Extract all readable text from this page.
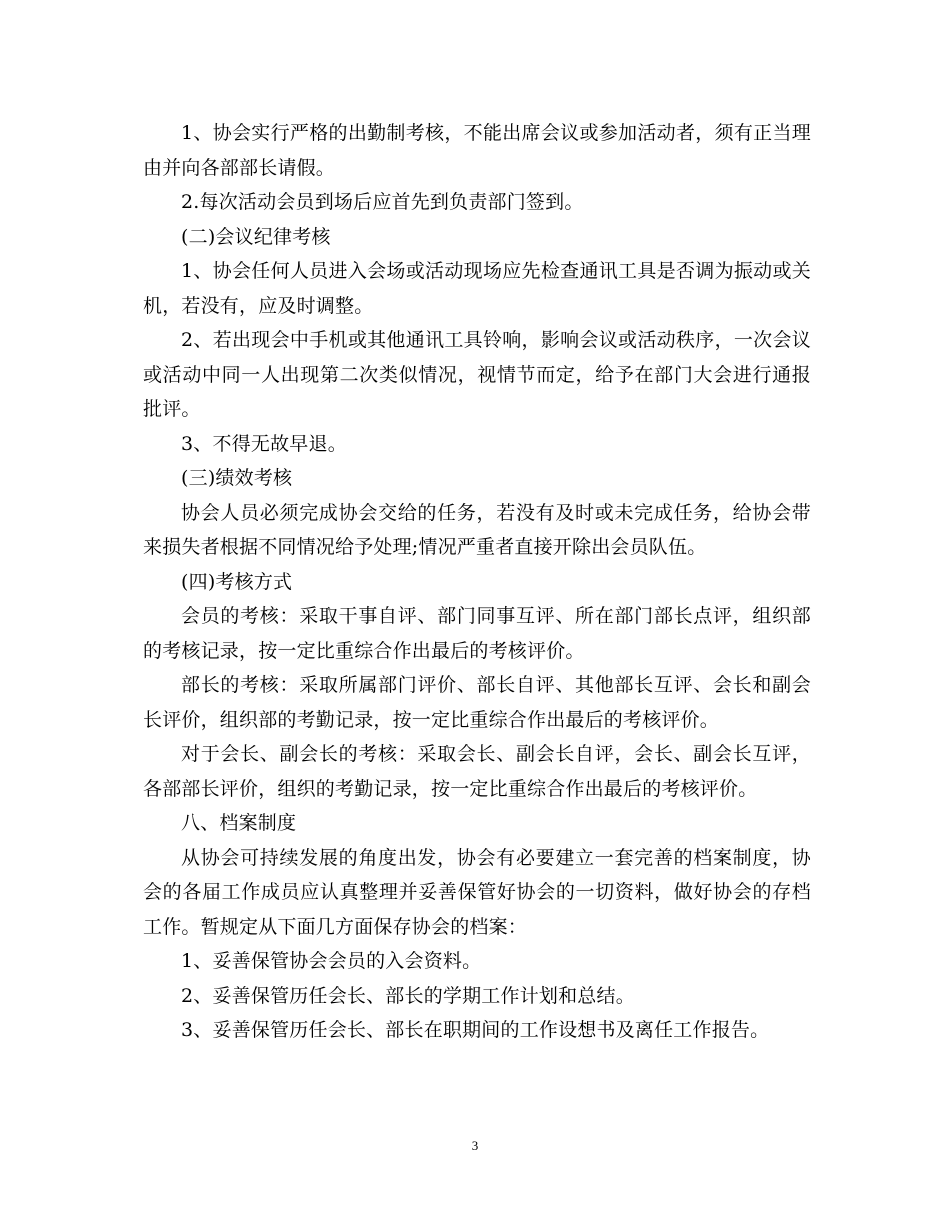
1、协会实行严格的出勤制考核，不能出席会议或参加活动者，须有正当理由并向各部部长请假。

2.每次活动会员到场后应首先到负责部门签到。

(二)会议纪律考核

1、协会任何人员进入会场或活动现场应先检查通讯工具是否调为振动或关机，若没有，应及时调整。

2、若出现会中手机或其他通讯工具铃响，影响会议或活动秩序，一次会议或活动中同一人出现第二次类似情况，视情节而定，给予在部门大会进行通报批评。

3、不得无故早退。

(三)绩效考核

协会人员必须完成协会交给的任务，若没有及时或未完成任务，给协会带来损失者根据不同情况给予处理;情况严重者直接开除出会员队伍。

(四)考核方式

会员的考核：采取干事自评、部门同事互评、所在部门部长点评，组织部的考核记录，按一定比重综合作出最后的考核评价。

部长的考核：采取所属部门评价、部长自评、其他部长互评、会长和副会长评价，组织部的考勤记录，按一定比重综合作出最后的考核评价。

对于会长、副会长的考核：采取会长、副会长自评，会长、副会长互评，各部部长评价，组织的考勤记录，按一定比重综合作出最后的考核评价。

八、档案制度

从协会可持续发展的角度出发，协会有必要建立一套完善的档案制度，协会的各届工作成员应认真整理并妥善保管好协会的一切资料，做好协会的存档工作。暂规定从下面几方面保存协会的档案：

1、妥善保管协会会员的入会资料。

2、妥善保管历任会长、部长的学期工作计划和总结。

3、妥善保管历任会长、部长在职期间的工作设想书及离任工作报告。

3
